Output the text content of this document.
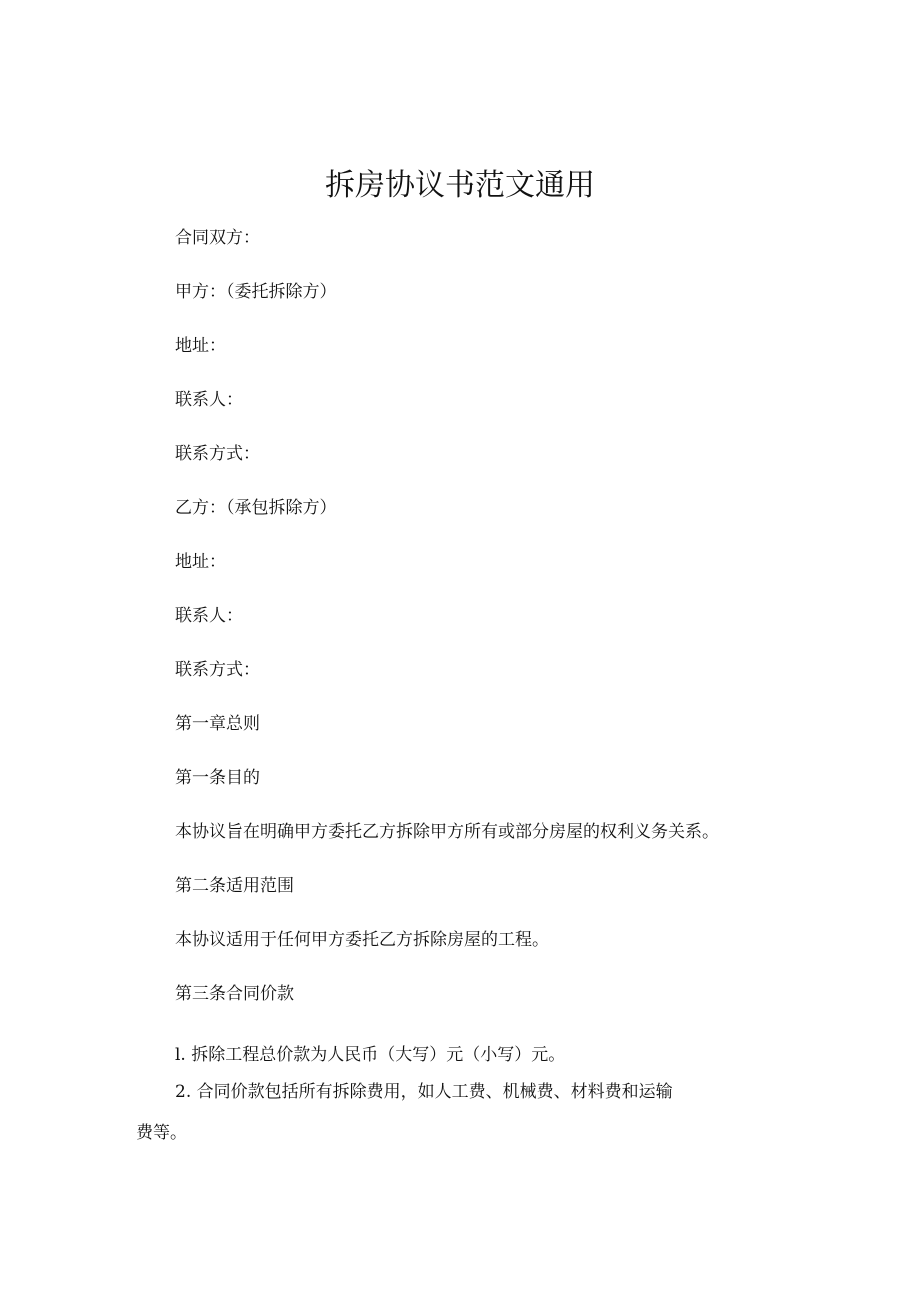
拆房协议书范文通用

合同双方：

甲方：（委托拆除方）

地址：

联系人：

联系方式：

乙方：（承包拆除方）

地址：

联系人：

联系方式：

第一章总则

第一条目的

本协议旨在明确甲方委托乙方拆除甲方所有或部分房屋的权利义务关系。

第二条适用范围

本协议适用于任何甲方委托乙方拆除房屋的工程。

第三条合同价款

l. 拆除工程总价款为人民币（大写）元（小写）元。

2. 合同价款包括所有拆除费用，如人工费、机械费、材料费和运输

费等。
